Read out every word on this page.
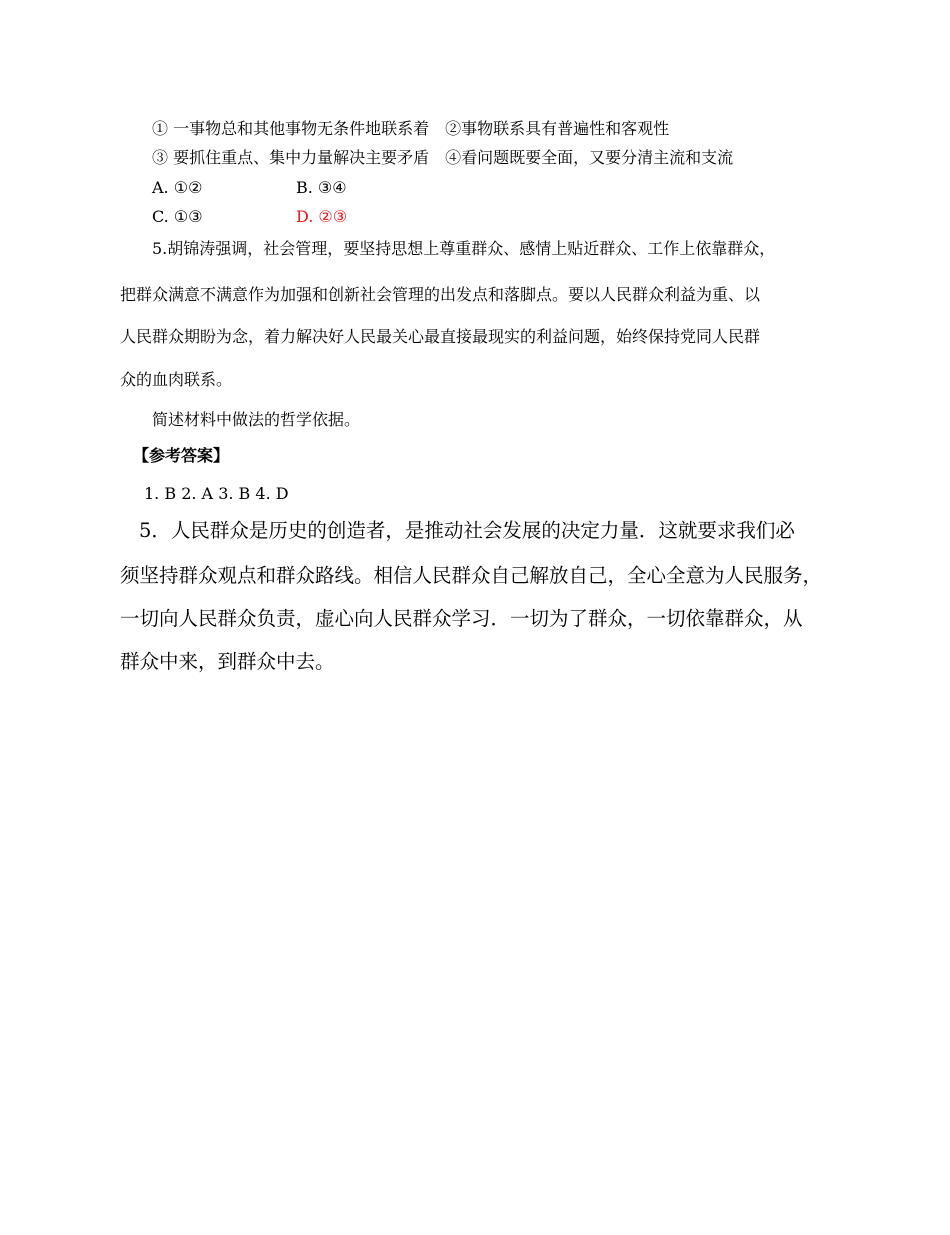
① 一事物总和其他事物无条件地联系着　②事物联系具有普遍性和客观性
③ 要抓住重点、集中力量解决主要矛盾　④看问题既要全面，又要分清主流和支流
A. ①②	B. ③④
C. ①③	D. ②③
5.胡锦涛强调，社会管理，要坚持思想上尊重群众、感情上贴近群众、工作上依靠群众，
把群众满意不满意作为加强和创新社会管理的出发点和落脚点。要以人民群众利益为重、以
人民群众期盼为念，着力解决好人民最关心最直接最现实的利益问题，始终保持党同人民群
众的血肉联系。
简述材料中做法的哲学依据。
【参考答案】
1. B 2. A 3. B 4. D
5．人民群众是历史的创造者，是推动社会发展的决定力量．这就要求我们必
须坚持群众观点和群众路线。相信人民群众自己解放自己，全心全意为人民服务，
一切向人民群众负责，虚心向人民群众学习．一切为了群众，一切依靠群众，从
群众中来，到群众中去。
